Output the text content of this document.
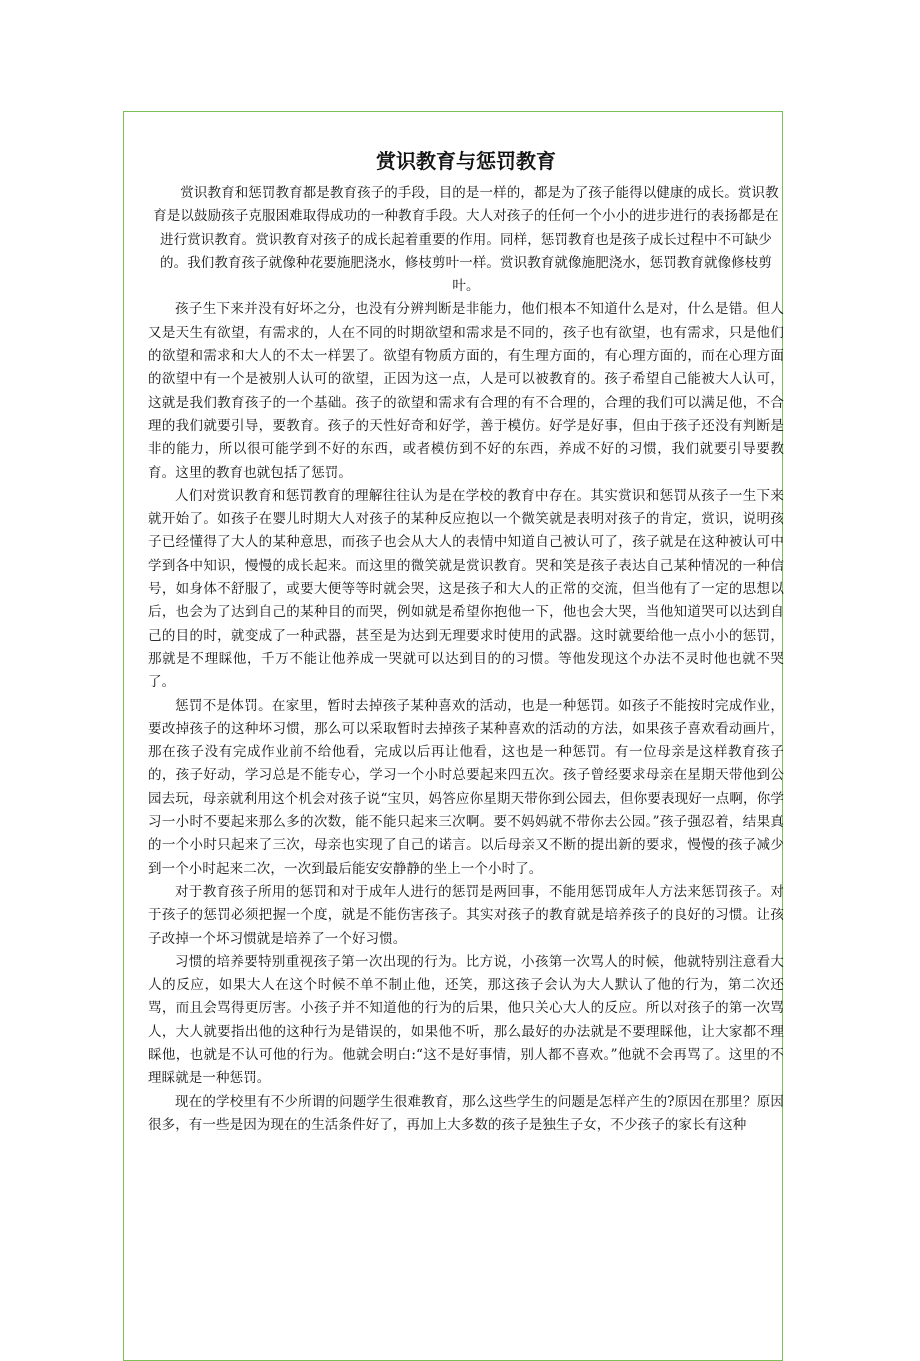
赏识教育与惩罚教育

赏识教育和惩罚教育都是教育孩子的手段，目的是一样的，都是为了孩子能得以健康的成长。赏识教育是以鼓励孩子克服困难取得成功的一种教育手段。大人对孩子的任何一个小小的进步进行的表扬都是在进行赏识教育。赏识教育对孩子的成长起着重要的作用。同样，惩罚教育也是孩子成长过程中不可缺少的。我们教育孩子就像种花要施肥浇水，修枝剪叶一样。赏识教育就像施肥浇水，惩罚教育就像修枝剪叶。

孩子生下来并没有好坏之分，也没有分辨判断是非能力，他们根本不知道什么是对，什么是错。但人又是天生有欲望，有需求的，人在不同的时期欲望和需求是不同的，孩子也有欲望，也有需求，只是他们的欲望和需求和大人的不太一样罢了。欲望有物质方面的，有生理方面的，有心理方面的，而在心理方面的欲望中有一个是被别人认可的欲望，正因为这一点，人是可以被教育的。孩子希望自己能被大人认可，这就是我们教育孩子的一个基础。孩子的欲望和需求有合理的有不合理的，合理的我们可以满足他，不合理的我们就要引导，要教育。孩子的天性好奇和好学，善于模仿。好学是好事，但由于孩子还没有判断是非的能力，所以很可能学到不好的东西，或者模仿到不好的东西，养成不好的习惯，我们就要引导要教育。这里的教育也就包括了惩罚。

人们对赏识教育和惩罚教育的理解往往认为是在学校的教育中存在。其实赏识和惩罚从孩子一生下来就开始了。如孩子在婴儿时期大人对孩子的某种反应抱以一个微笑就是表明对孩子的肯定，赏识，说明孩子已经懂得了大人的某种意思，而孩子也会从大人的表情中知道自己被认可了，孩子就是在这种被认可中学到各中知识，慢慢的成长起来。而这里的微笑就是赏识教育。哭和笑是孩子表达自己某种情况的一种信号，如身体不舒服了，或要大便等等时就会哭，这是孩子和大人的正常的交流，但当他有了一定的思想以后，也会为了达到自己的某种目的而哭，例如就是希望你抱他一下，他也会大哭，当他知道哭可以达到自己的目的时，就变成了一种武器，甚至是为达到无理要求时使用的武器。这时就要给他一点小小的惩罚，那就是不理睬他，千万不能让他养成一哭就可以达到目的的习惯。等他发现这个办法不灵时他也就不哭了。

惩罚不是体罚。在家里，暂时去掉孩子某种喜欢的活动，也是一种惩罚。如孩子不能按时完成作业，要改掉孩子的这种坏习惯，那么可以采取暂时去掉孩子某种喜欢的活动的方法，如果孩子喜欢看动画片，那在孩子没有完成作业前不给他看，完成以后再让他看，这也是一种惩罚。有一位母亲是这样教育孩子的，孩子好动，学习总是不能专心，学习一个小时总要起来四五次。孩子曾经要求母亲在星期天带他到公园去玩，母亲就利用这个机会对孩子说“宝贝，妈答应你星期天带你到公园去，但你要表现好一点啊，你学习一小时不要起来那么多的次数，能不能只起来三次啊。要不妈妈就不带你去公园。”孩子强忍着，结果真的一个小时只起来了三次，母亲也实现了自己的诺言。以后母亲又不断的提出新的要求，慢慢的孩子减少到一个小时起来二次，一次到最后能安安静静的坐上一个小时了。

对于教育孩子所用的惩罚和对于成年人进行的惩罚是两回事，不能用惩罚成年人方法来惩罚孩子。对于孩子的惩罚必须把握一个度，就是不能伤害孩子。其实对孩子的教育就是培养孩子的良好的习惯。让孩子改掉一个坏习惯就是培养了一个好习惯。

习惯的培养要特别重视孩子第一次出现的行为。比方说，小孩第一次骂人的时候，他就特别注意看大人的反应，如果大人在这个时候不单不制止他，还笑，那这孩子会认为大人默认了他的行为，第二次还骂，而且会骂得更厉害。小孩子并不知道他的行为的后果，他只关心大人的反应。所以对孩子的第一次骂人，大人就要指出他的这种行为是错误的，如果他不听，那么最好的办法就是不要理睬他，让大家都不理睬他，也就是不认可他的行为。他就会明白:“这不是好事情，别人都不喜欢。”他就不会再骂了。这里的不理睬就是一种惩罚。

现在的学校里有不少所谓的问题学生很难教育，那么这些学生的问题是怎样产生的?原因在那里？原因很多，有一些是因为现在的生活条件好了，再加上大多数的孩子是独生子女，不少孩子的家长有这种
